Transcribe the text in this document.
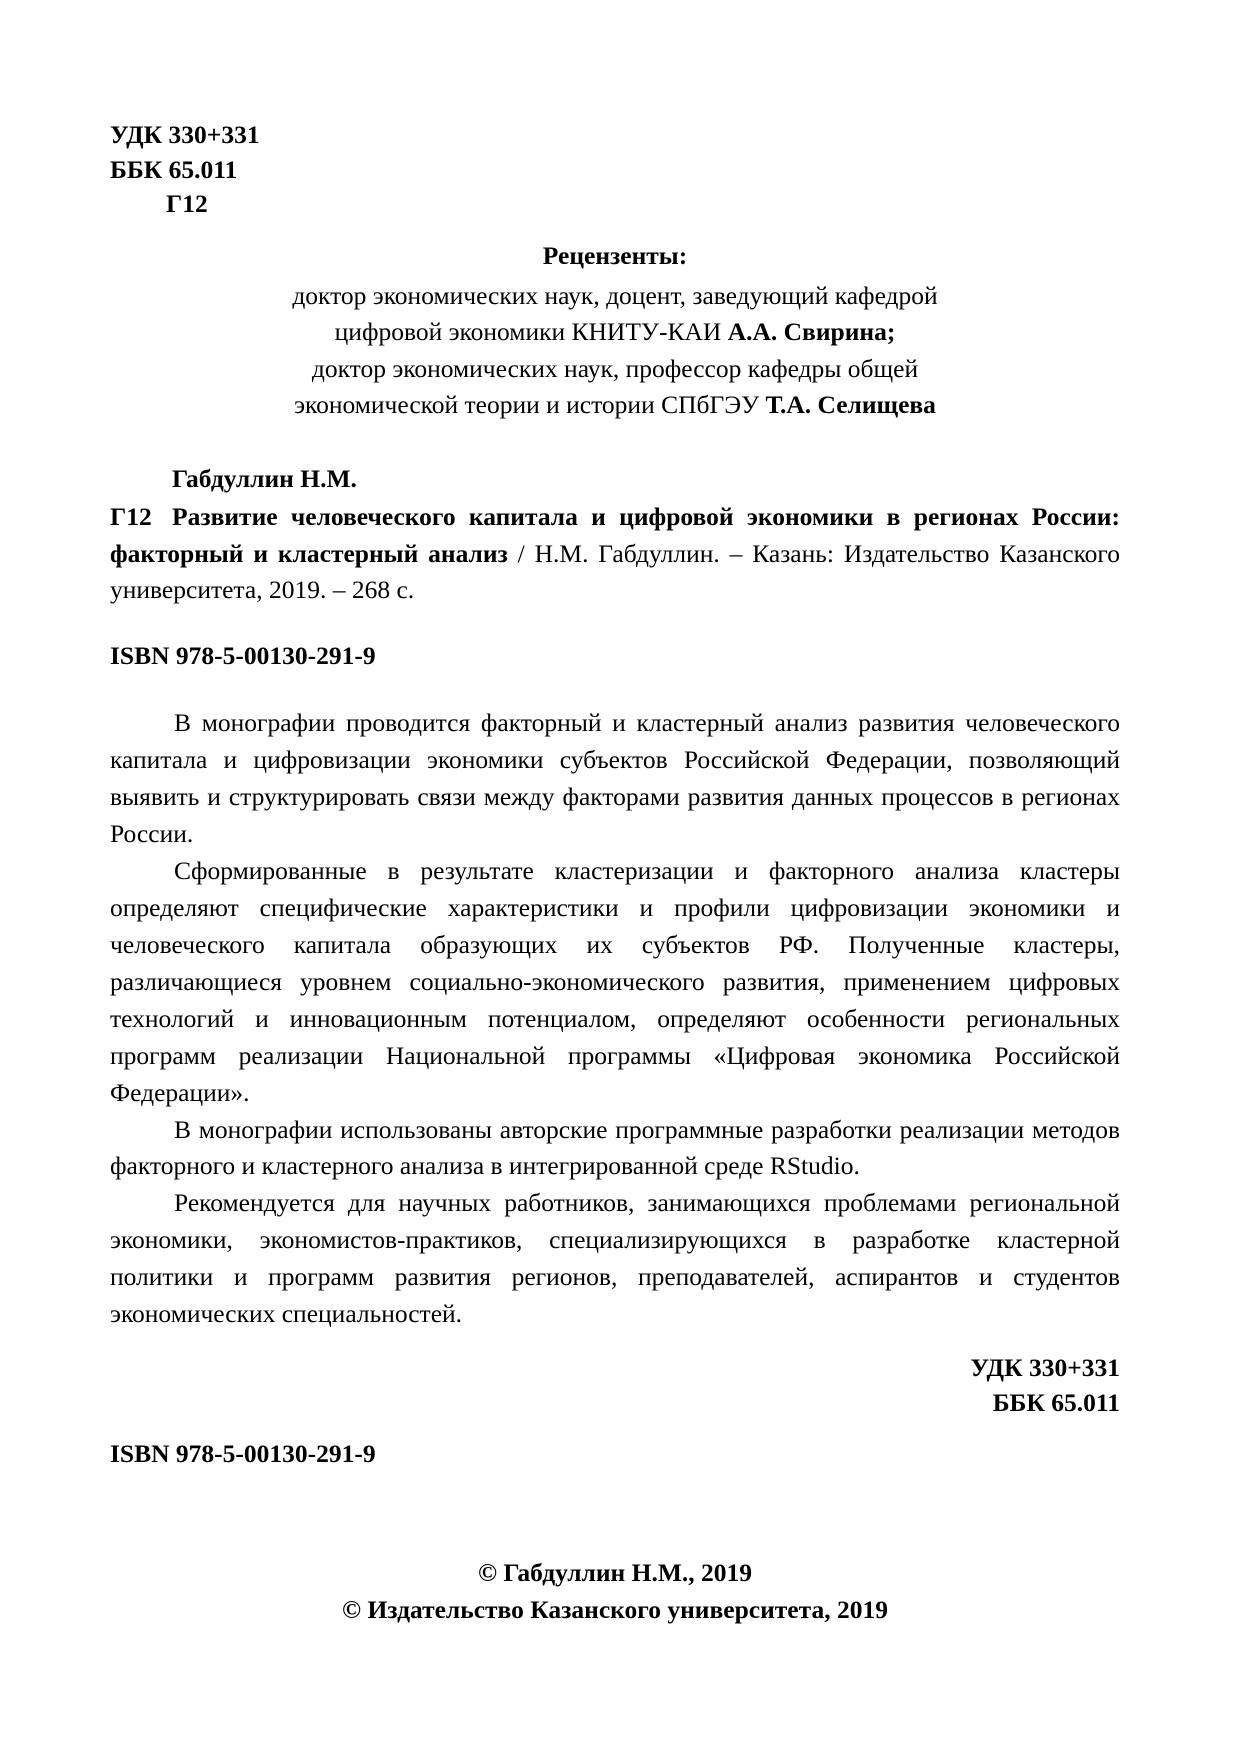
УДК 330+331
ББК 65.011
Г12
Рецензенты:
доктор экономических наук, доцент, заведующий кафедрой
цифровой экономики КНИТУ-КАИ А.А. Свирина;
доктор экономических наук, профессор кафедры общей
экономической теории и истории СПбГЭУ Т.А. Селищева
Габдуллин Н.М.
Г12 Развитие человеческого капитала и цифровой экономики в регионах России: факторный и кластерный анализ / Н.М. Габдуллин. – Казань: Издательство Казанского университета, 2019. – 268 с.
ISBN 978-5-00130-291-9

В монографии проводится факторный и кластерный анализ развития человеческого капитала и цифровизации экономики субъектов Российской Федерации, позволяющий выявить и структурировать связи между факторами развития данных процессов в регионах России.

Сформированные в результате кластеризации и факторного анализа кластеры определяют специфические характеристики и профили цифровизации экономики и человеческого капитала образующих их субъектов РФ. Полученные кластеры, различающиеся уровнем социально-экономического развития, применением цифровых технологий и инновационным потенциалом, определяют особенности региональных программ реализации Национальной программы «Цифровая экономика Российской Федерации».

В монографии использованы авторские программные разработки реализации методов факторного и кластерного анализа в интегрированной среде RStudio.

Рекомендуется для научных работников, занимающихся проблемами региональной экономики, экономистов-практиков, специализирующихся в разработке кластерной политики и программ развития регионов, преподавателей, аспирантов и студентов экономических специальностей.

УДК 330+331
ББК 65.011
ISBN 978-5-00130-291-9
© Габдуллин Н.М., 2019
© Издательство Казанского университета, 2019
